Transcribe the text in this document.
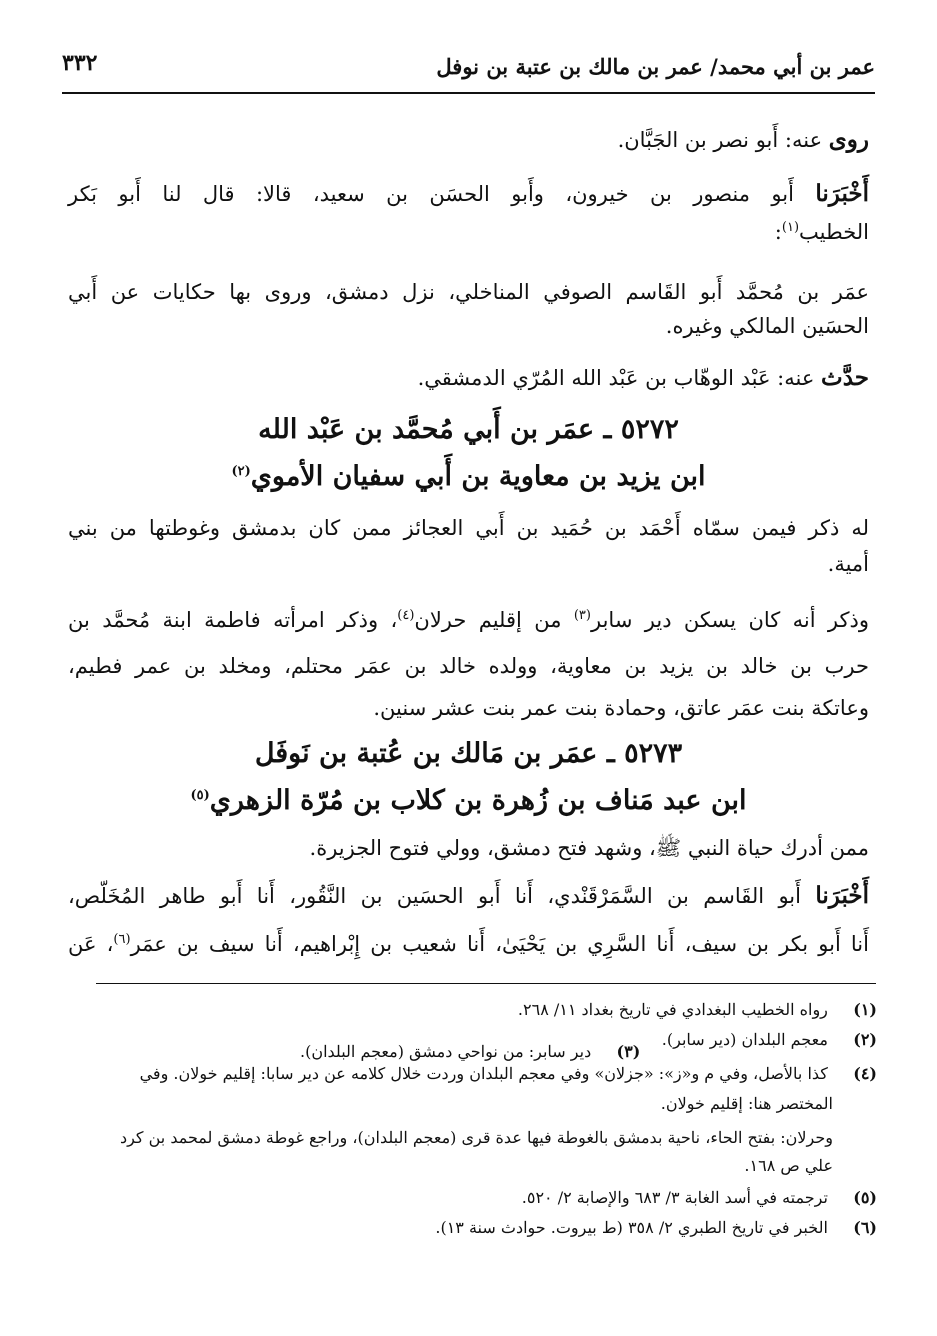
٣٣٢	عمر بن أبي محمد/ عمر بن مالك بن عتبة بن نوفل
روى عنه: أَبو نصر بن الجَبَّان.
أَخْبَرَنا أَبو منصور بن خيرون، وأَبو الحسَن بن سعيد، قالا: قال لنا أَبو بَكر
الخطيب$^{(١)}$:
عمَر بن مُحمَّد أَبو القَاسم الصوفي المناخلي، نزل دمشق، وروى بها حكايات عن أَبي
الحسَين المالكي وغيره.
حدَّث عنه: عَبْد الوهّاب بن عَبْد الله المُرّي الدمشقي.
٥٢٧٢ ـ عمَر بن أَبي مُحمَّد بن عَبْد الله
ابن يزيد بن معاوية بن أَبي سفيان الأموي$^{(٢)}$
له ذكر فيمن سمّاه أَحْمَد بن حُمَيد بن أَبي العجائز ممن كان بدمشق وغوطتها من بني
أمية.
وذكر أنه كان يسكن دير سابر$^{(٣)}$ من إقليم حرلان$^{(٤)}$، وذكر امرأته فاطمة ابنة مُحمَّد بن
حرب بن خالد بن يزيد بن معاوية، وولده خالد بن عمَر محتلم، ومخلد بن عمر فطيم،
وعاتكة بنت عمَر عاتق، وحمادة بنت عمر بنت عشر سنين.
٥٢٧٣ ـ عمَر بن مَالك بن عُتبة بن نَوفَل
ابن عبد مَناف بن زُهرة بن كلاب بن مُرّة الزهري$^{(٥)}$
ممن أدرك حياة النبي ﷺ، وشهد فتح دمشق، وولي فتوح الجزيرة.
أَخْبَرَنا أَبو القَاسم بن السَّمَرْقَنْدي، أَنا أَبو الحسَين بن النَّقُور، أَنا أَبو طاهر المُخَلّص،
أَنا أَبو بكر بن سيف، أَنا السَّرِي بن يَحْيَىٰ، أَنا شعيب بن إِبْراهيم، أَنا سيف بن عمَر$^{(٦)}$، عَن
(١) رواه الخطيب البغدادي في تاريخ بغداد ١١/ ٢٦٨.
(٢) معجم البلدان (دير سابر).
(٣) دير سابر: من نواحي دمشق (معجم البلدان).
(٤) كذا بالأصل، وفي م و«ز»: «جزلان» وفي معجم البلدان وردت خلال كلامه عن دير سابا: إقليم خولان. وفي
المختصر هنا: إقليم خولان.
وحرلان: بفتح الحاء، ناحية بدمشق بالغوطة فيها عدة قرى (معجم البلدان)، وراجع غوطة دمشق لمحمد بن كرد
علي ص ١٦٨.
(٥) ترجمته في أسد الغابة ٣/ ٦٨٣ والإصابة ٢/ ٥٢٠.
(٦) الخبر في تاريخ الطبري ٢/ ٣٥٨ (ط بيروت. حوادث سنة ١٣).
